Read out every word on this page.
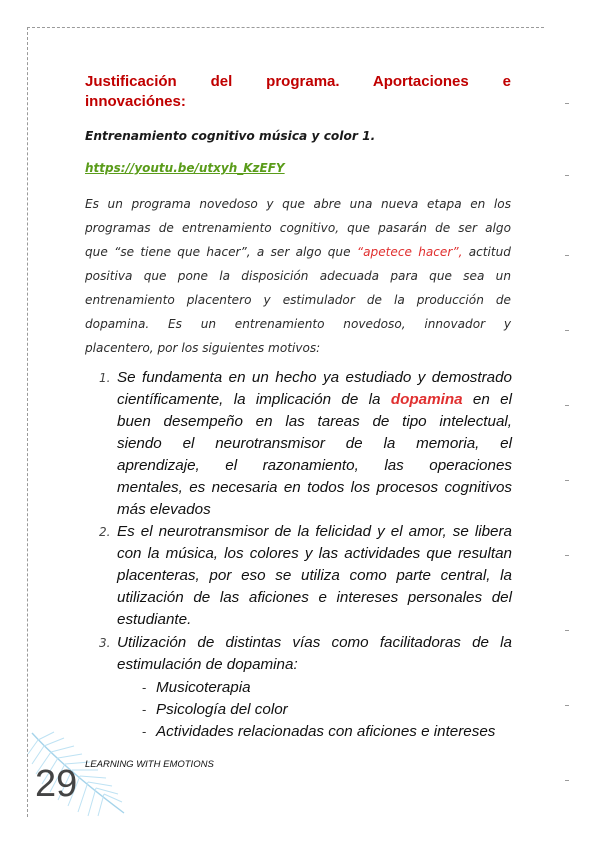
Justificación del programa. Aportaciones e
innovaciónes:
Entrenamiento cognitivo música y color 1.
https://youtu.be/utxyh_KzEFY
Es un programa novedoso y que abre una nueva etapa en los
programas de entrenamiento cognitivo, que pasarán de ser algo
que “se tiene que hacer”, a ser algo que “apetece hacer”, actitud
positiva que pone la disposición adecuada para que sea un
entrenamiento placentero y estimulador de la producción de
dopamina. Es un entrenamiento novedoso, innovador y
placentero, por los siguientes motivos:
1. Se fundamenta en un hecho ya estudiado y demostrado
científicamente, la implicación de la dopamina en el
buen desempeño en las tareas de tipo intelectual,
siendo el neurotransmisor de la memoria, el
aprendizaje, el razonamiento, las operaciones
mentales, es necesaria en todos los procesos cognitivos
más elevados
2. Es el neurotransmisor de la felicidad y el amor, se libera
con la música, los colores y las actividades que resultan
placenteras, por eso se utiliza como parte central, la
utilización de las aficiones e intereses personales del
estudiante.
3. Utilización de distintas vías como facilitadoras de la
estimulación de dopamina:
- Musicoterapia
- Psicología del color
- Actividades relacionadas con aficiones e intereses
LEARNING WITH EMOTIONS
29
